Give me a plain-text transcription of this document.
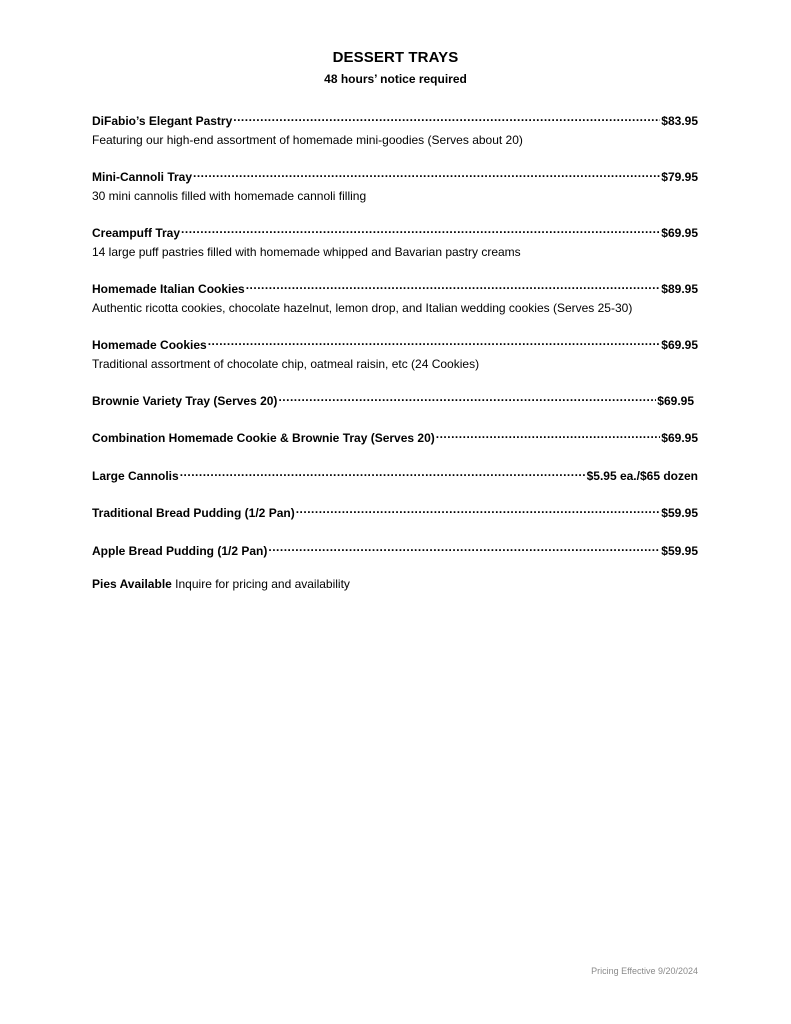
DESSERT TRAYS
48 hours’ notice required
DiFabio’s Elegant Pastry .....	$83.95
Featuring our high-end assortment of homemade mini-goodies (Serves about 20)
Mini-Cannoli Tray .....	$79.95
30 mini cannolis filled with homemade cannoli filling
Creampuff Tray .....	$69.95
14 large puff pastries filled with homemade whipped and Bavarian pastry creams
Homemade Italian Cookies .....	$89.95
Authentic ricotta cookies, chocolate hazelnut, lemon drop, and Italian wedding cookies (Serves 25-30)
Homemade Cookies .....	$69.95
Traditional assortment of chocolate chip, oatmeal raisin, etc (24 Cookies)
Brownie Variety Tray (Serves 20) .....	$69.95
Combination Homemade Cookie & Brownie Tray (Serves 20) .....	$69.95
Large Cannolis .....	$5.95 ea./$65 dozen
Traditional Bread Pudding (1/2 Pan) .....	$59.95
Apple Bread Pudding (1/2 Pan) .....	$59.95
Pies Available Inquire for pricing and availability
Pricing Effective 9/20/2024
